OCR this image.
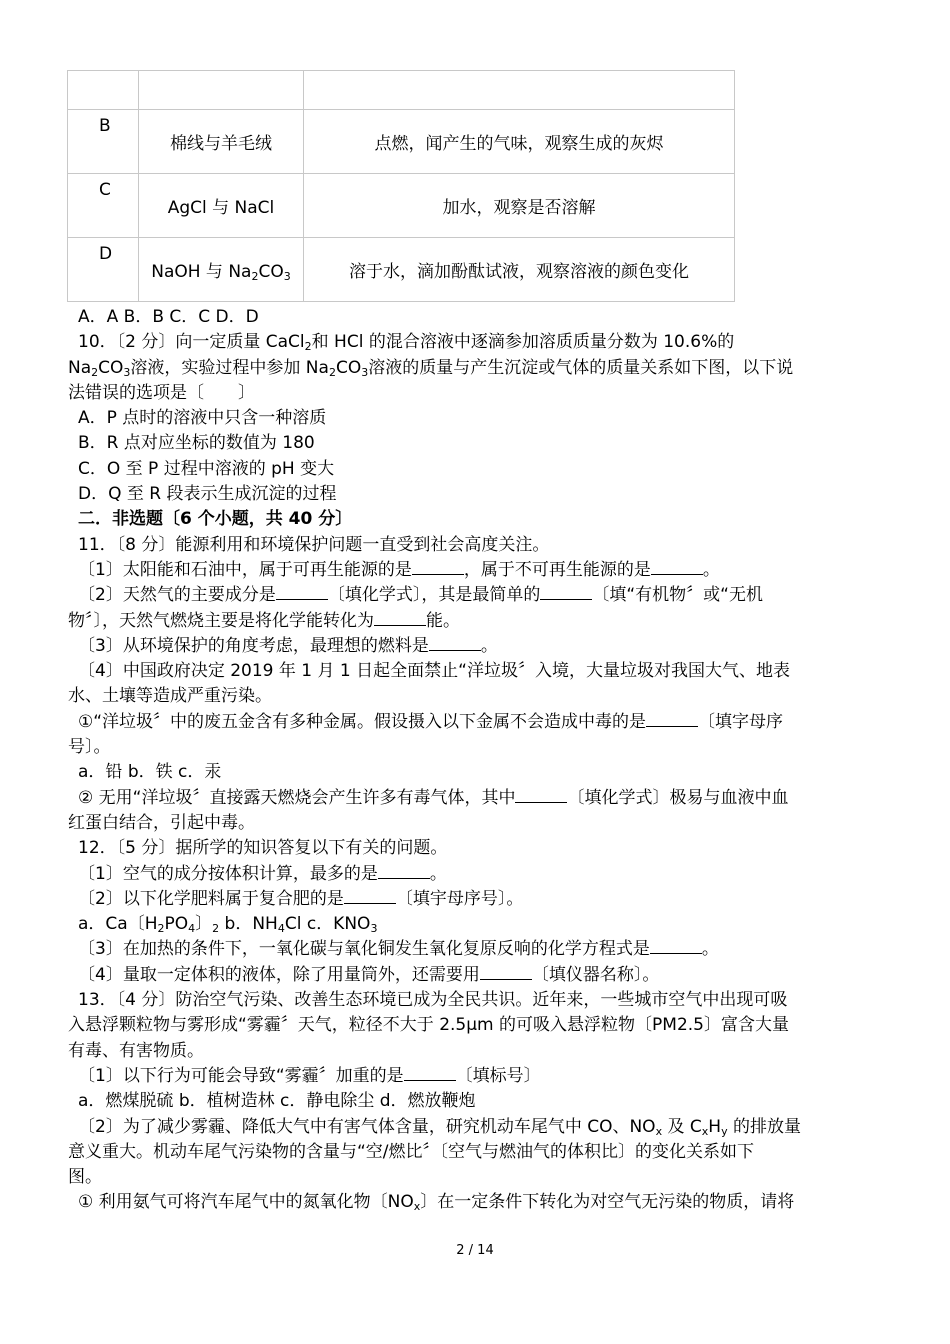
B	棉线与羊毛绒	点燃，闻产生的气味，观察生成的灰烬
C	AgCl 与 NaCl	加水，观察是否溶解
D	NaOH 与 $Na_2CO_3$	溶于水，滴加酚酞试液，观察溶液的颜色变化

A．A B．B C．C D．D

10．〔2 分〕向一定质量 CaCl$_2$和 HCl 的混合溶液中逐滴参加溶质质量分数为 10.6%的

$Na_2CO_3$溶液，实验过程中参加 $Na_2CO_3$溶液的质量与产生沉淀或气体的质量关系如下图，以下说

法错误的选项是〔　　〕

A．P 点时的溶液中只含一种溶质

B．R 点对应坐标的数值为 180

C．O 至 P 过程中溶液的 pH 变大

D．Q 至 R 段表示生成沉淀的过程

二．非选题〔6 个小题，共 40 分〕

11．〔8 分〕能源利用和环境保护问题一直受到社会高度关注。

〔1〕太阳能和石油中，属于可再生能源的是	，属于不可再生能源的是	。

〔2〕天然气的主要成分是	〔填化学式〕，其是最简单的	〔填“有机物〞或“无机

物〞〕，天然气燃烧主要是将化学能转化为	能。

〔3〕从环境保护的角度考虑，最理想的燃料是	。

〔4〕中国政府决定 2019 年 1 月 1 日起全面禁止“洋垃圾〞入境，大量垃圾对我国大气、地表

水、土壤等造成严重污染。

①“洋垃圾〞中的废五金含有多种金属。假设摄入以下金属不会造成中毒的是	〔填字母序

号〕。

a．铅 b．铁 c．汞

② 无用“洋垃圾〞直接露天燃烧会产生许多有毒气体，其中	〔填化学式〕极易与血液中血

红蛋白结合，引起中毒。

12．〔5 分〕据所学的知识答复以下有关的问题。

〔1〕空气的成分按体积计算，最多的是	。

〔2〕以下化学肥料属于复合肥的是	〔填宇母序号〕。

a．Ca〔$H_2PO_4$〕$_2$ b．$NH_4Cl$ c．$KNO_3$

〔3〕在加热的条件下，一氧化碳与氧化铜发生氧化复原反响的化学方程式是	。

〔4〕量取一定体积的液体，除了用量筒外，还需要用	〔填仪器名称〕。

13．〔4 分〕防治空气污染、改善生态环境已成为全民共识。近年来，一些城市空气中出现可吸

入悬浮颗粒物与雾形成“雾霾〞天气，粒径不大于 2.5μm 的可吸入悬浮粒物〔PM2.5〕富含大量

有毒、有害物质。

〔1〕以下行为可能会导致“雾霾〞加重的是	〔填标号〕

a．燃煤脱硫 b．植树造林 c．静电除尘 d．燃放鞭炮

〔2〕为了减少雾霾、降低大气中有害气体含量，研究机动车尾气中 CO、$NO_x$ 及 $C_xH_y$ 的排放量

意义重大。机动车尾气污染物的含量与“空/燃比〞〔空气与燃油气的体积比〕的变化关系如下

图。

① 利用氨气可将汽车尾气中的氮氧化物〔$NO_x$〕在一定条件下转化为对空气无污染的物质，请将

2 / 14
